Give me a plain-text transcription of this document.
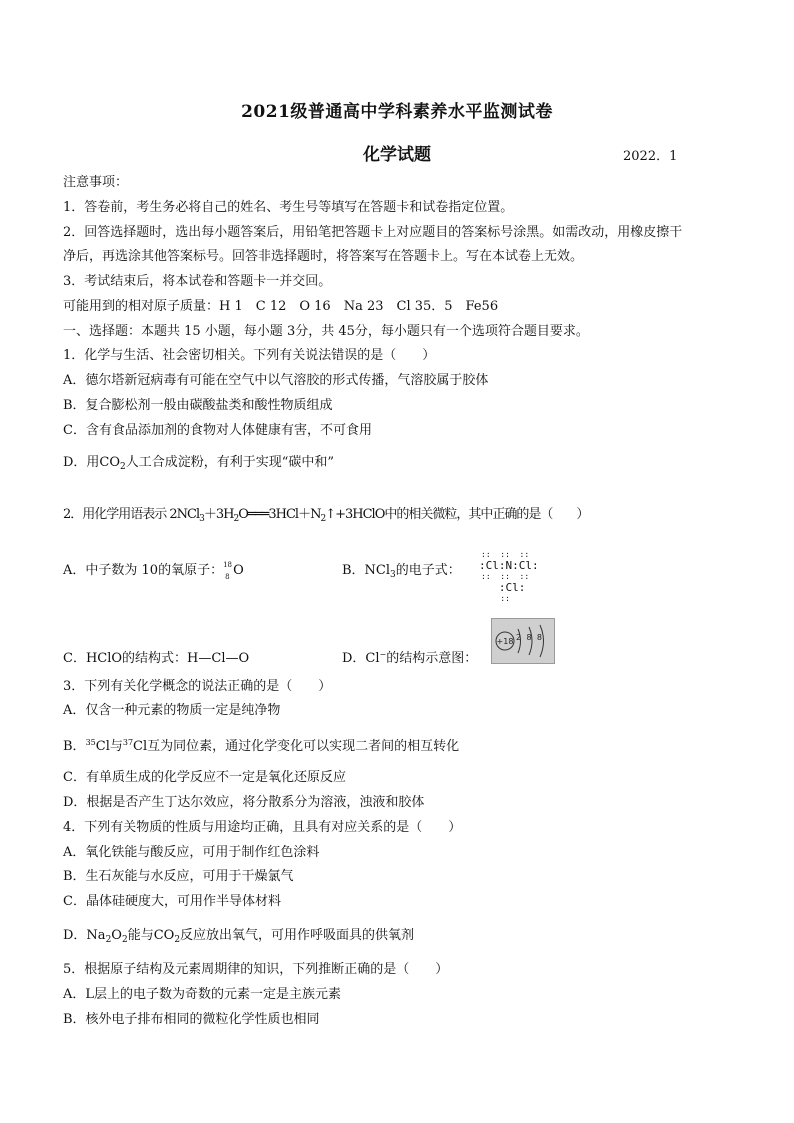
2021级普通高中学科素养水平监测试卷
化学试题	2022．1
注意事项：
1．答卷前，考生务必将自己的姓名、考生号等填写在答题卡和试卷指定位置。
2．回答选择题时，选出每小题答案后，用铅笔把答题卡上对应题目的答案标号涂黑。如需改动，用橡皮擦干
净后，再选涂其他答案标号。回答非选择题时，将答案写在答题卡上。写在本试卷上无效。
3．考试结束后，将本试卷和答题卡一并交回。
可能用到的相对原子质量：H 1　C 12　O 16　Na 23　Cl 35．5　Fe56
一、选择题：本题共 15 小题，每小题 3分，共 45分，每小题只有一个选项符合题目要求。
1．化学与生活、社会密切相关。下列有关说法错误的是（　　）
A．德尔塔新冠病毒有可能在空气中以气溶胶的形式传播，气溶胶属于胶体
B．复合膨松剂一般由碳酸盐类和酸性物质组成
C．含有食品添加剂的食物对人体健康有害，不可食用
D．用$CO_2$人工合成淀粉，有利于实现“碳中和”
2．用化学用语表示 $2NCl_3+3H_2O═══3HCl+N_2↑+3HClO$中的相关微粒，其中正确的是（　　）
A．中子数为 10的氧原子： 18
8 O	B．NCl$_3$的电子式：
::  ::  ::
:Cl:N:Cl:
::  ::  ::
:Cl:
::
C．HClO的结构式：H—Cl—O	D．Cl−的结构示意图：
+18 2 8 8
3．下列有关化学概念的说法正确的是（　　）
A．仅含一种元素的物质一定是纯净物
B．$^{35}$Cl与$^{37}$Cl互为同位素，通过化学变化可以实现二者间的相互转化
C．有单质生成的化学反应不一定是氧化还原反应
D．根据是否产生丁达尔效应，将分散系分为溶液，浊液和胶体
4．下列有关物质的性质与用途均正确，且具有对应关系的是（　　）
A．氧化铁能与酸反应，可用于制作红色涂料
B．生石灰能与水反应，可用于干燥氯气
C．晶体硅硬度大，可用作半导体材料
D．$Na_2O_2$能与$CO_2$反应放出氧气，可用作呼吸面具的供氧剂
5．根据原子结构及元素周期律的知识，下列推断正确的是（　　）
A．L层上的电子数为奇数的元素一定是主族元素
B．核外电子排布相同的微粒化学性质也相同
